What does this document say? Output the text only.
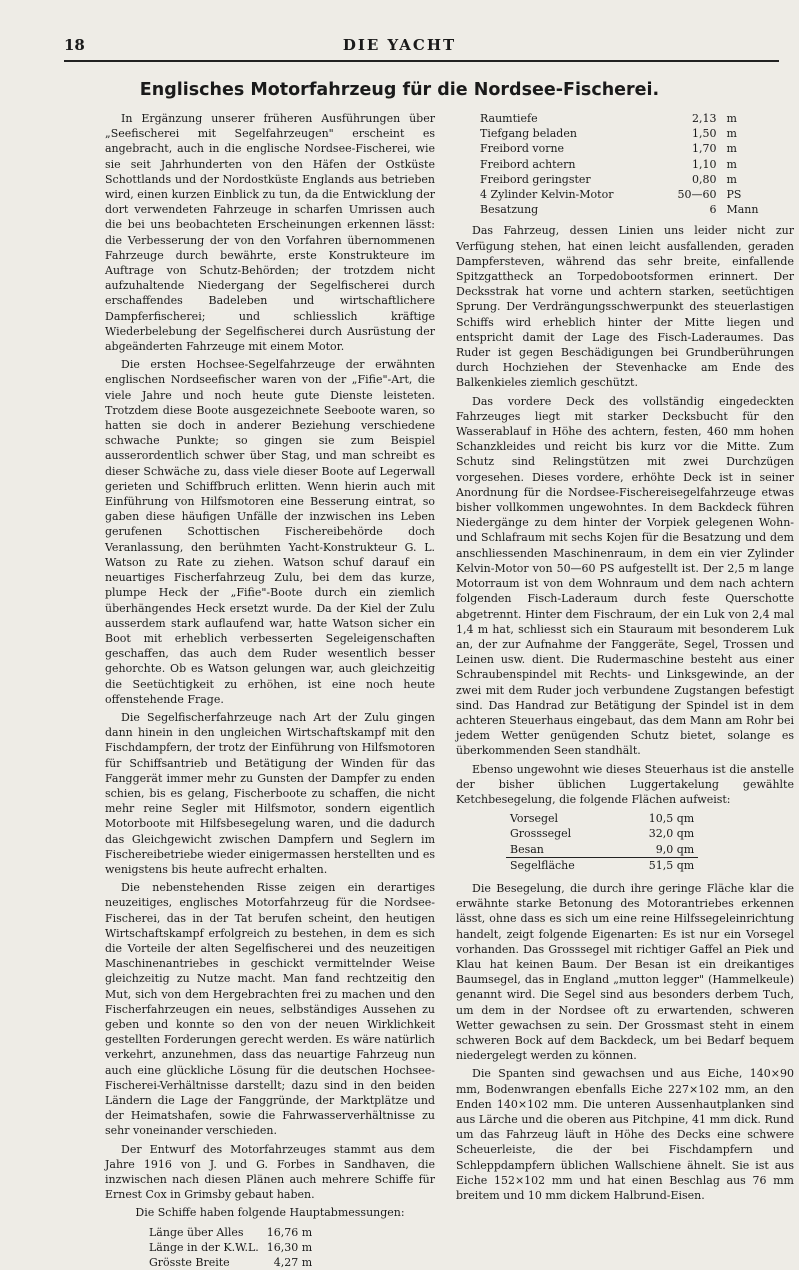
18	DIE YACHT
Englisches Motorfahrzeug für die Nordsee-Fischerei.

In Ergänzung unserer früheren Ausführungen über „Seefischerei mit Segelfahrzeugen" erscheint es angebracht, auch in die englische Nordsee-Fischerei, wie sie seit Jahrhunderten von den Häfen der Ostküste Schottlands und der Nordostküste Englands aus betrieben wird, einen kurzen Einblick zu tun, da die Entwicklung der dort verwendeten Fahrzeuge in scharfen Umrissen auch die bei uns beobachteten Erscheinungen erkennen lässt: die Verbesserung der von den Vorfahren übernommenen Fahrzeuge durch bewährte, erste Konstrukteure im Auftrage von Schutz-Behörden; der trotzdem nicht aufzuhaltende Niedergang der Segelfischerei durch erschaffendes Badeleben und wirtschaftlichere Dampferfischerei; und schliesslich kräftige Wiederbelebung der Segelfischerei durch Ausrüstung der abgeänderten Fahrzeuge mit einem Motor.

Die ersten Hochsee-Segelfahrzeuge der erwähnten englischen Nordseefischer waren von der „Fifie"-Art, die viele Jahre und noch heute gute Dienste leisteten. Trotzdem diese Boote ausgezeichnete Seeboote waren, so hatten sie doch in anderer Beziehung verschiedene schwache Punkte; so gingen sie zum Beispiel ausserordentlich schwer über Stag, und man schreibt es dieser Schwäche zu, dass viele dieser Boote auf Legerwall gerieten und Schiffbruch erlitten. Wenn hierin auch mit Einführung von Hilfsmotoren eine Besserung eintrat, so gaben diese häufigen Unfälle der inzwischen ins Leben gerufenen Schottischen Fischereibehörde doch Veranlassung, den berühmten Yacht-Konstrukteur G. L. Watson zu Rate zu ziehen. Watson schuf darauf ein neuartiges Fischerfahrzeug Zulu, bei dem das kurze, plumpe Heck der „Fifie"-Boote durch ein ziemlich überhängendes Heck ersetzt wurde. Da der Kiel der Zulu ausserdem stark auflaufend war, hatte Watson sicher ein Boot mit erheblich verbesserten Segeleigenschaften geschaffen, das auch dem Ruder wesentlich besser gehorchte. Ob es Watson gelungen war, auch gleichzeitig die Seetüchtigkeit zu erhöhen, ist eine noch heute offenstehende Frage.

Die Segelfischerfahrzeuge nach Art der Zulu gingen dann hinein in den ungleichen Wirtschaftskampf mit den Fischdampfern, der trotz der Einführung von Hilfsmotoren für Schiffsantrieb und Betätigung der Winden für das Fanggerät immer mehr zu Gunsten der Dampfer zu enden schien, bis es gelang, Fischerboote zu schaffen, die nicht mehr reine Segler mit Hilfsmotor, sondern eigentlich Motorboote mit Hilfsbesegelung waren, und die dadurch das Gleichgewicht zwischen Dampfern und Seglern im Fischereibetriebe wieder einigermassen herstellten und es wenigstens bis heute aufrecht erhalten.

Die nebenstehenden Risse zeigen ein derartiges neuzeitiges, englisches Motorfahrzeug für die Nordsee-Fischerei, das in der Tat berufen scheint, den heutigen Wirtschaftskampf erfolgreich zu bestehen, in dem es sich die Vorteile der alten Segelfischerei und des neuzeitigen Maschinenantriebes in geschickt vermittelnder Weise gleichzeitig zu Nutze macht. Man fand rechtzeitig den Mut, sich von dem Hergebrachten frei zu machen und den Fischerfahrzeugen ein neues, selbständiges Aussehen zu geben und konnte so den von der neuen Wirklichkeit gestellten Forderungen gerecht werden. Es wäre natürlich verkehrt, anzunehmen, dass das neuartige Fahrzeug nun auch eine glückliche Lösung für die deutschen Hochsee-Fischerei-Verhältnisse darstellt; dazu sind in den beiden Ländern die Lage der Fanggründe, der Marktplätze und der Heimatshafen, sowie die Fahrwasserverhältnisse zu sehr voneinander verschieden.

Der Entwurf des Motorfahrzeuges stammt aus dem Jahre 1916 von J. und G. Forbes in Sandhaven, die inzwischen nach diesen Plänen auch mehrere Schiffe für Ernest Cox in Grimsby gebaut haben.

Die Schiffe haben folgende Hauptabmessungen:

Länge über Alles	16,76 m
Länge in der K.W.L.	16,30 m
Grösste Breite	4,27 m
Raumtiefe	2,13	m
Tiefgang beladen	1,50	m
Freibord vorne	1,70	m
Freibord achtern	1,10	m
Freibord geringster	0,80	m
4 Zylinder Kelvin-Motor	50—60	PS
Besatzung	6	Mann

Das Fahrzeug, dessen Linien uns leider nicht zur Verfügung stehen, hat einen leicht ausfallenden, geraden Dampfersteven, während das sehr breite, einfallende Spitzgattheck an Torpedobootsformen erinnert. Der Decksstrak hat vorne und achtern starken, seetüchtigen Sprung. Der Verdrängungsschwerpunkt des steuerlastigen Schiffs wird erheblich hinter der Mitte liegen und entspricht damit der Lage des Fisch-Laderaumes. Das Ruder ist gegen Beschädigungen bei Grundberührungen durch Hochziehen der Stevenhacke am Ende des Balkenkieles ziemlich geschützt.

Das vordere Deck des vollständig eingedeckten Fahrzeuges liegt mit starker Decksbucht für den Wasserablauf in Höhe des achtern, festen, 460 mm hohen Schanzkleides und reicht bis kurz vor die Mitte. Zum Schutz sind Relingstützen mit zwei Durchzügen vorgesehen. Dieses vordere, erhöhte Deck ist in seiner Anordnung für die Nordsee-Fischereisegelfahrzeuge etwas bisher vollkommen ungewohntes. In dem Backdeck führen Niedergänge zu dem hinter der Vorpiek gelegenen Wohn- und Schlafraum mit sechs Kojen für die Besatzung und dem anschliessenden Maschinenraum, in dem ein vier Zylinder Kelvin-Motor von 50—60 PS aufgestellt ist. Der 2,5 m lange Motorraum ist von dem Wohnraum und dem nach achtern folgenden Fisch-Laderaum durch feste Querschotte abgetrennt. Hinter dem Fischraum, der ein Luk von 2,4 mal 1,4 m hat, schliesst sich ein Stauraum mit besonderem Luk an, der zur Aufnahme der Fanggeräte, Segel, Trossen und Leinen usw. dient. Die Rudermaschine besteht aus einer Schraubenspindel mit Rechts- und Linksgewinde, an der zwei mit dem Ruder joch verbundene Zugstangen befestigt sind. Das Handrad zur Betätigung der Spindel ist in dem achteren Steuerhaus eingebaut, das dem Mann am Rohr bei jedem Wetter genügenden Schutz bietet, solange es überkommenden Seen standhält.

Ebenso ungewohnt wie dieses Steuerhaus ist die anstelle der bisher üblichen Luggertakelung gewählte Ketchbesegelung, die folgende Flächen aufweist:

Vorsegel	10,5 qm
Grosssegel	32,0 qm
Besan	9,0 qm
Segelfläche	51,5 qm

Die Besegelung, die durch ihre geringe Fläche klar die erwähnte starke Betonung des Motorantriebes erkennen lässt, ohne dass es sich um eine reine Hilfssegeleinrichtung handelt, zeigt folgende Eigenarten: Es ist nur ein Vorsegel vorhanden. Das Grosssegel mit richtiger Gaffel an Piek und Klau hat keinen Baum. Der Besan ist ein dreikantiges Baumsegel, das in England „mutton legger" (Hammelkeule) genannt wird. Die Segel sind aus besonders derbem Tuch, um dem in der Nordsee oft zu erwartenden, schweren Wetter gewachsen zu sein. Der Grossmast steht in einem schweren Bock auf dem Backdeck, um bei Bedarf bequem niedergelegt werden zu können.

Die Spanten sind gewachsen und aus Eiche, 140×90 mm, Bodenwrangen ebenfalls Eiche 227×102 mm, an den Enden 140×102 mm. Die unteren Aussenhautplanken sind aus Lärche und die oberen aus Pitchpine, 41 mm dick. Rund um das Fahrzeug läuft in Höhe des Decks eine schwere Scheuerleiste, die der bei Fischdampfern und Schleppdampfern üblichen Wallschiene ähnelt. Sie ist aus Eiche 152×102 mm und hat einen Beschlag aus 76 mm breitem und 10 mm dickem Halbrund-Eisen.
